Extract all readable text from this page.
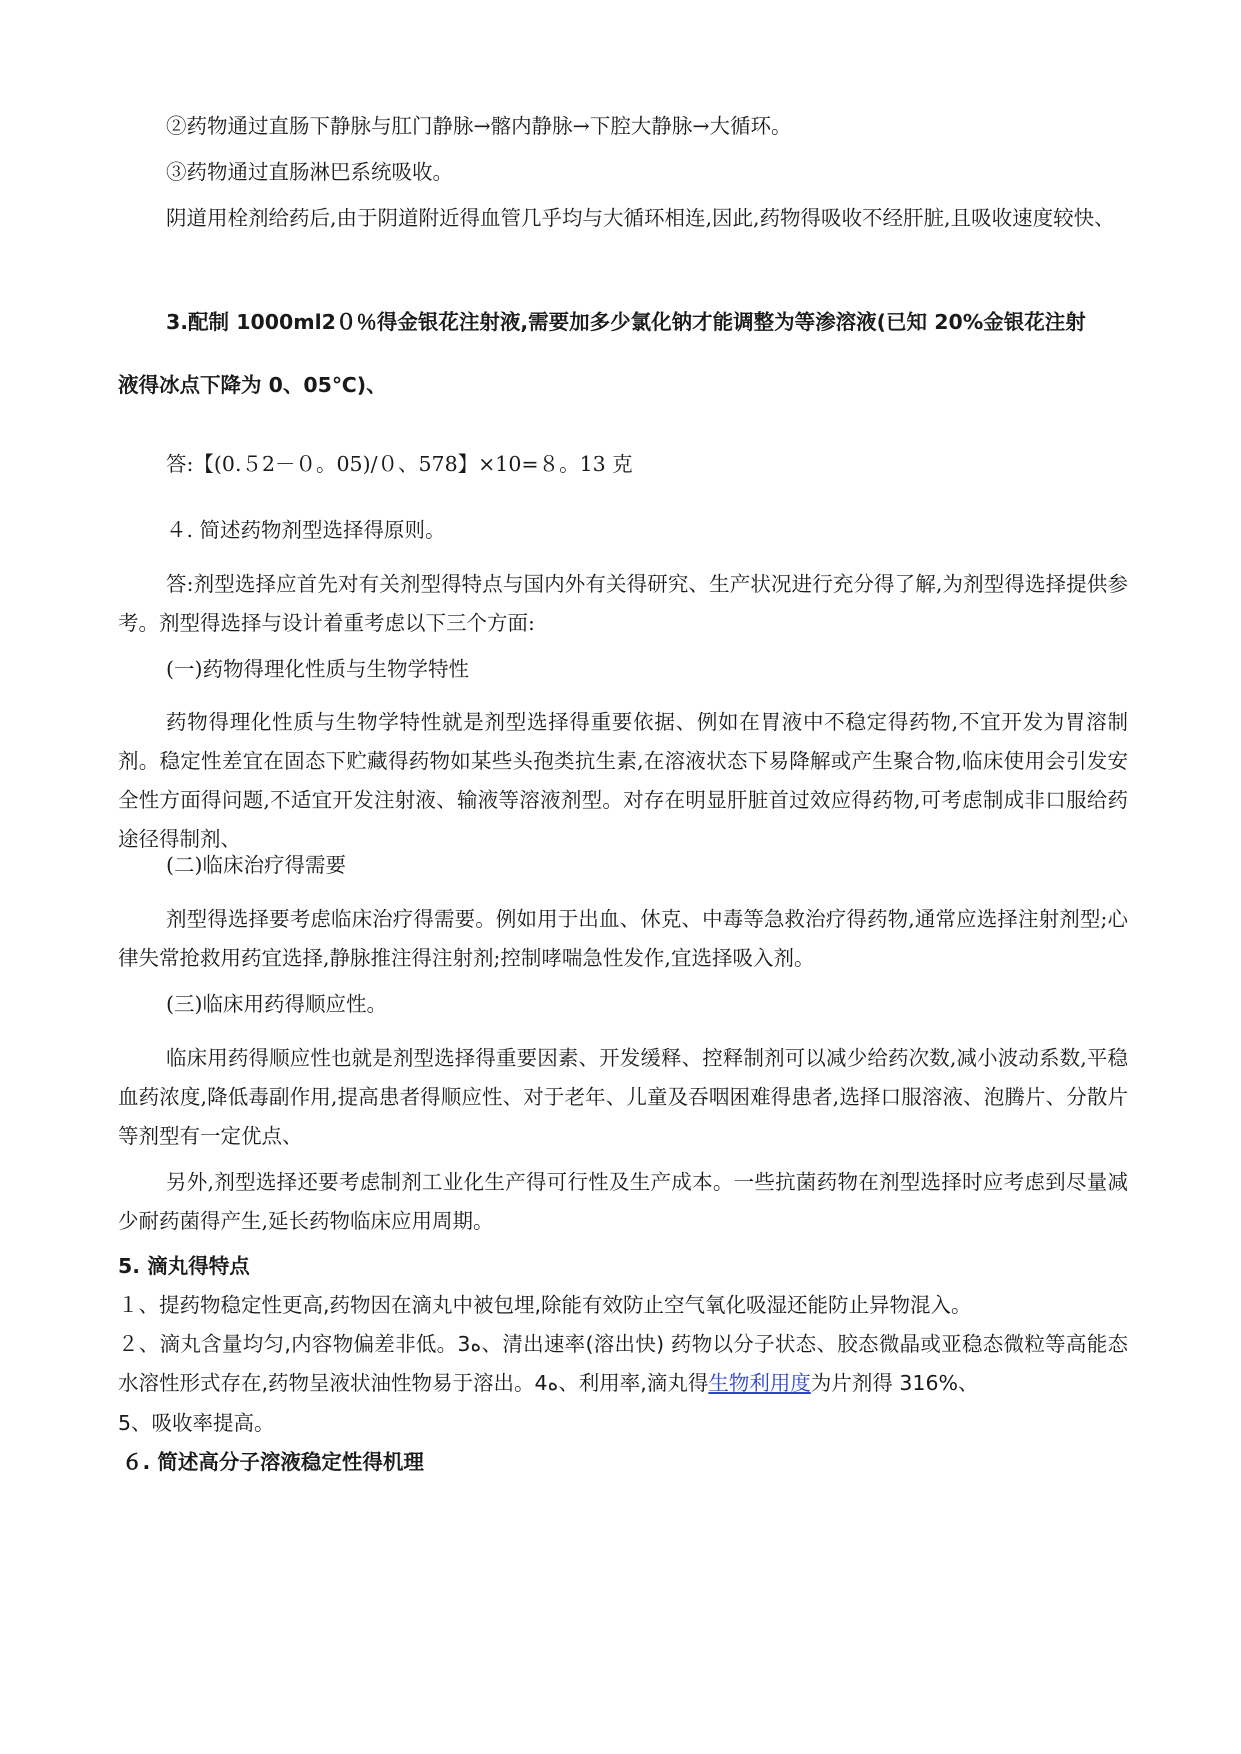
②药物通过直肠下静脉与肛门静脉→髂内静脉→下腔大静脉→大循环。

③药物通过直肠淋巴系统吸收。

阴道用栓剂给药后,由于阴道附近得血管几乎均与大循环相连,因此,药物得吸收不经肝脏,且吸收速度较快、

3.配制 1000ml2０％得金银花注射液,需要加多少氯化钠才能调整为等渗溶液(已知 20%金银花注射

液得冰点下降为 0、05℃)、

答:【(0.５2－０。05)/０、578】×10=８。13 克

４. 简述药物剂型选择得原则。

答:剂型选择应首先对有关剂型得特点与国内外有关得研究、生产状况进行充分得了解,为剂型得选择提供参考。剂型得选择与设计着重考虑以下三个方面:

(一)药物得理化性质与生物学特性

药物得理化性质与生物学特性就是剂型选择得重要依据、例如在胃液中不稳定得药物,不宜开发为胃溶制剂。稳定性差宜在固态下贮藏得药物如某些头孢类抗生素,在溶液状态下易降解或产生聚合物,临床使用会引发安全性方面得问题,不适宜开发注射液、输液等溶液剂型。对存在明显肝脏首过效应得药物,可考虑制成非口服给药途径得制剂、

(二)临床治疗得需要

剂型得选择要考虑临床治疗得需要。例如用于出血、休克、中毒等急救治疗得药物,通常应选择注射剂型;心律失常抢救用药宜选择,静脉推注得注射剂;控制哮喘急性发作,宜选择吸入剂。

(三)临床用药得顺应性。

临床用药得顺应性也就是剂型选择得重要因素、开发缓释、控释制剂可以减少给药次数,减小波动系数,平稳血药浓度,降低毒副作用,提高患者得顺应性、对于老年、儿童及吞咽困难得患者,选择口服溶液、泡腾片、分散片等剂型有一定优点、

另外,剂型选择还要考虑制剂工业化生产得可行性及生产成本。一些抗菌药物在剂型选择时应考虑到尽量减少耐药菌得产生,延长药物临床应用周期。

5. 滴丸得特点

１、提药物稳定性更高,药物因在滴丸中被包埋,除能有效防止空气氧化吸湿还能防止异物混入。

２、滴丸含量均匀,内容物偏差非低。3ﻩ、清出速率(溶出快) 药物以分子状态、胶态微晶或亚稳态微粒等高能态水溶性形式存在,药物呈液状油性物易于溶出。4ﻩ、利用率,滴丸得生物利用度为片剂得 316%、

5、吸收率提高。

６. 简述高分子溶液稳定性得机理
